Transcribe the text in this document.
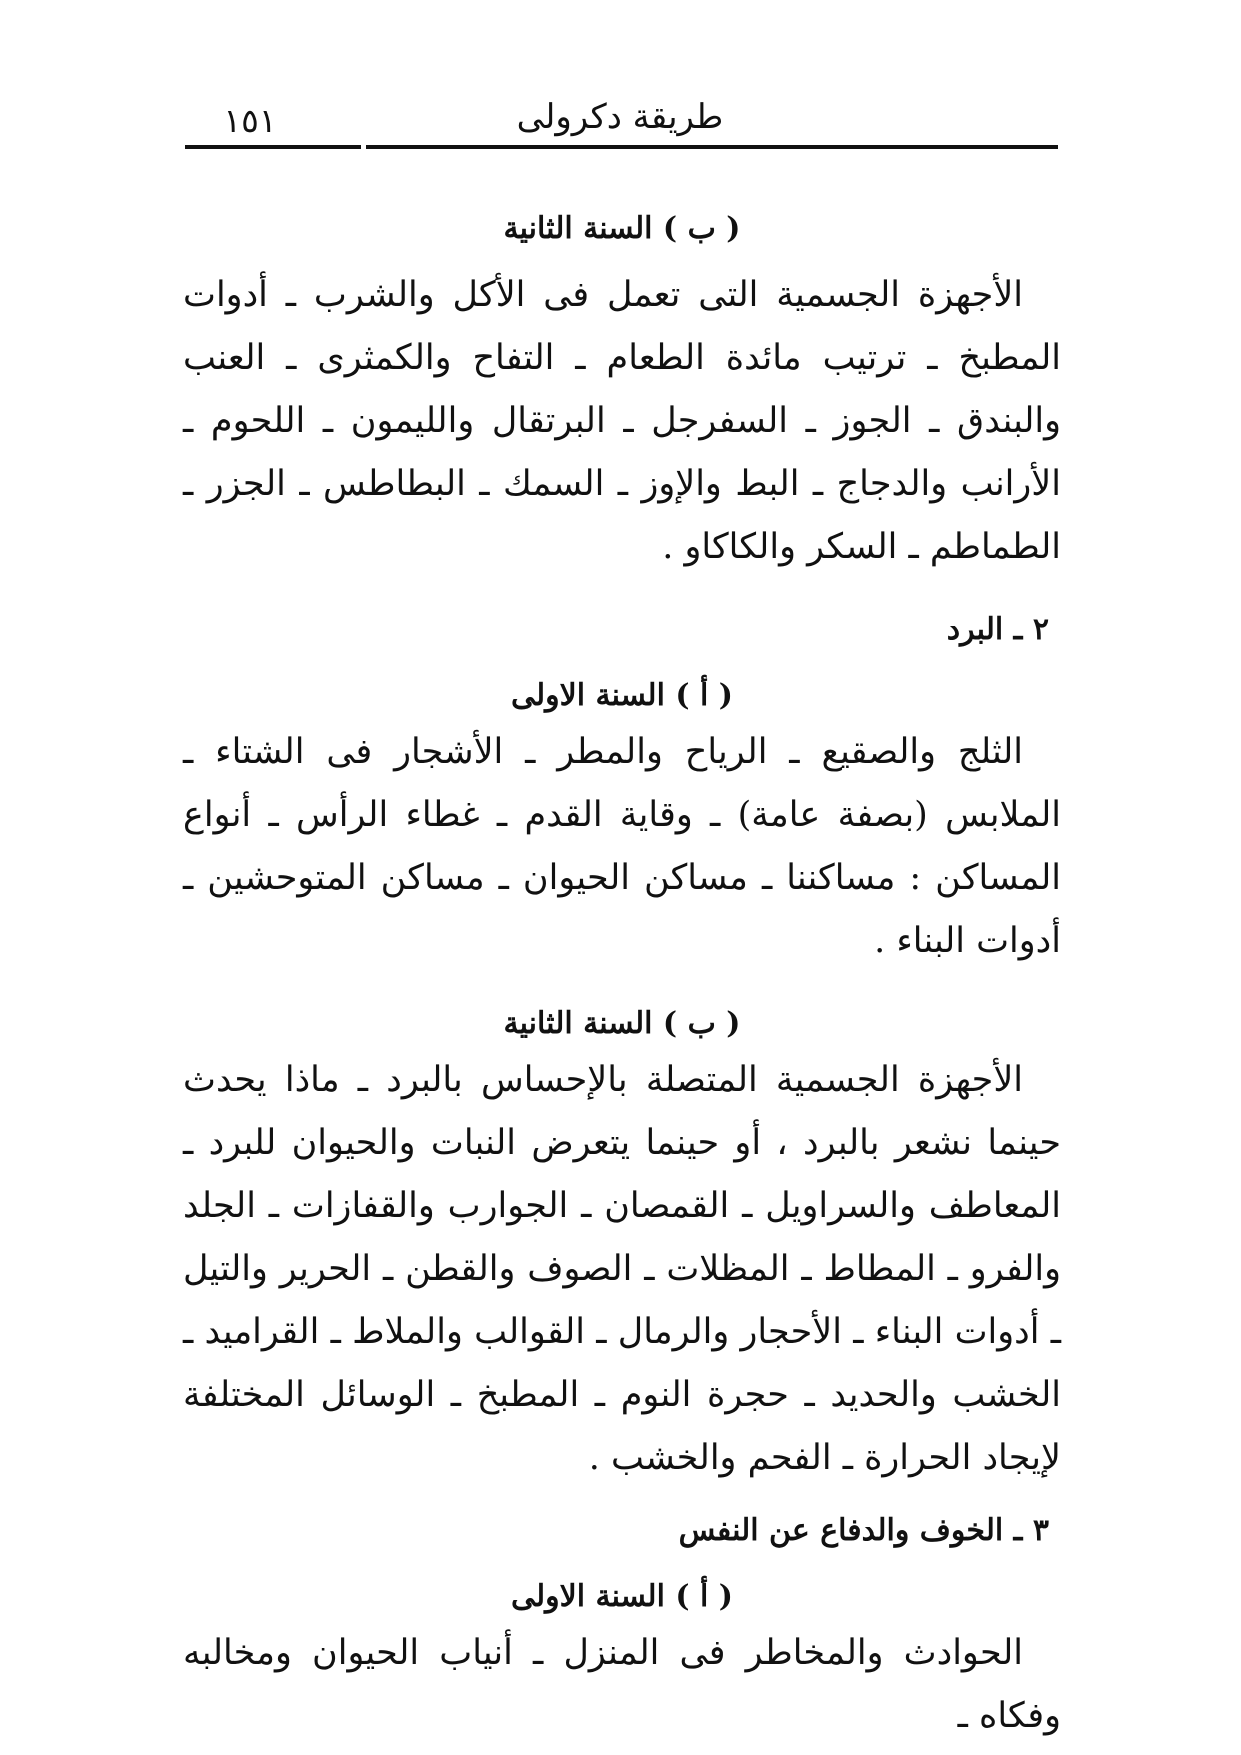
طريقة دكرولى
١٥١
( ب ) السنة الثانية

الأجهزة الجسمية التى تعمل فى الأكل والشرب ـ أدوات المطبخ ـ ترتيب مائدة الطعام ـ التفاح والكمثرى ـ العنب والبندق ـ الجوز ـ السفرجل ـ البرتقال والليمون ـ اللحوم ـ الأرانب والدجاج ـ البط والإوز ـ السمك ـ البطاطس ـ الجزر ـ الطماطم ـ السكر والكاكاو .

٢ ـ البرد
( أ ) السنة الاولى

الثلج والصقيع ـ الرياح والمطر ـ الأشجار فى الشتاء ـ الملابس (بصفة عامة) ـ وقاية القدم ـ غطاء الرأس ـ أنواع المساكن : مساكننا ـ مساكن الحيوان ـ مساكن المتوحشين ـ أدوات البناء .

( ب ) السنة الثانية

الأجهزة الجسمية المتصلة بالإحساس بالبرد ـ ماذا يحدث حينما نشعر بالبرد ، أو حينما يتعرض النبات والحيوان للبرد ـ المعاطف والسراويل ـ القمصان ـ الجوارب والقفازات ـ الجلد والفرو ـ المطاط ـ المظلات ـ الصوف والقطن ـ الحرير والتيل ـ أدوات البناء ـ الأحجار والرمال ـ القوالب والملاط ـ القراميد ـ الخشب والحديد ـ حجرة النوم ـ المطبخ ـ الوسائل المختلفة لإيجاد الحرارة ـ الفحم والخشب .

٣ ـ الخوف والدفاع عن النفس
( أ ) السنة الاولى

الحوادث والمخاطر فى المنزل ـ أنياب الحيوان ومخالبه وفكاه ـ
